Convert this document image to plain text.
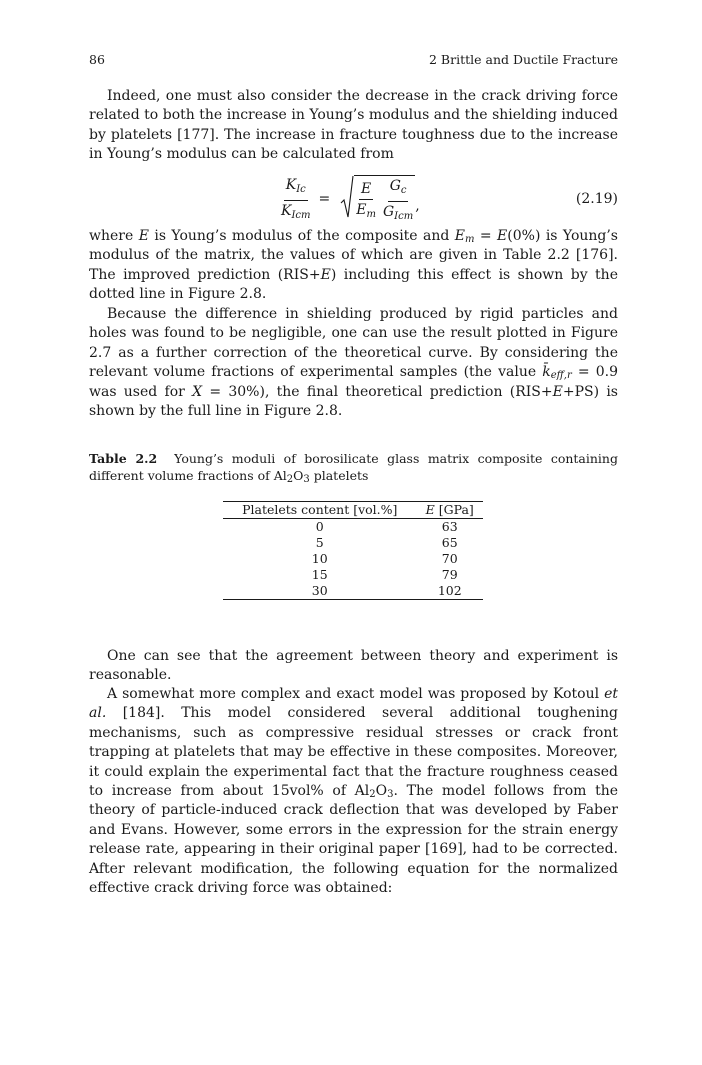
86	2 Brittle and Ductile Fracture

Indeed, one must also consider the decrease in the crack driving force related to both the increase in Young’s modulus and the shielding induced by platelets [177]. The increase in fracture toughness due to the increase in Young’s modulus can be calculated from

$\frac{K_{Ic}}{K_{Icm}} = \frac{E}{E_m} \frac{G_c}{G_{Icm}}$ ,	(2.19)

where E is Young’s modulus of the composite and $E_m = E(0\%)$ is Young’s modulus of the matrix, the values of which are given in Table 2.2 [176]. The improved prediction (RIS+E) including this effect is shown by the dotted line in Figure 2.8.

Because the difference in shielding produced by rigid particles and holes was found to be negligible, one can use the result plotted in Figure 2.7 as a further correction of the theoretical curve. By considering the relevant volume fractions of experimental samples (the value $k̄_{eff,r} = 0.9$ was used for X = 30%), the final theoretical prediction (RIS+E+PS) is shown by the full line in Figure 2.8.

Table 2.2 Young’s moduli of borosilicate glass matrix composite containing different volume fractions of $Al_2O_3$ platelets
Platelets content [vol.%]	E [GPa]
0	63
5	65
10	70
15	79
30	102

One can see that the agreement between theory and experiment is reasonable.

A somewhat more complex and exact model was proposed by Kotoul et al. [184]. This model considered several additional toughening mechanisms, such as compressive residual stresses or crack front trapping at platelets that may be effective in these composites. Moreover, it could explain the experimental fact that the fracture roughness ceased to increase from about 15vol% of $Al_2O_3$. The model follows from the theory of particle-induced crack deflection that was developed by Faber and Evans. However, some errors in the expression for the strain energy release rate, appearing in their original paper [169], had to be corrected. After relevant modification, the following equation for the normalized effective crack driving force was obtained:
